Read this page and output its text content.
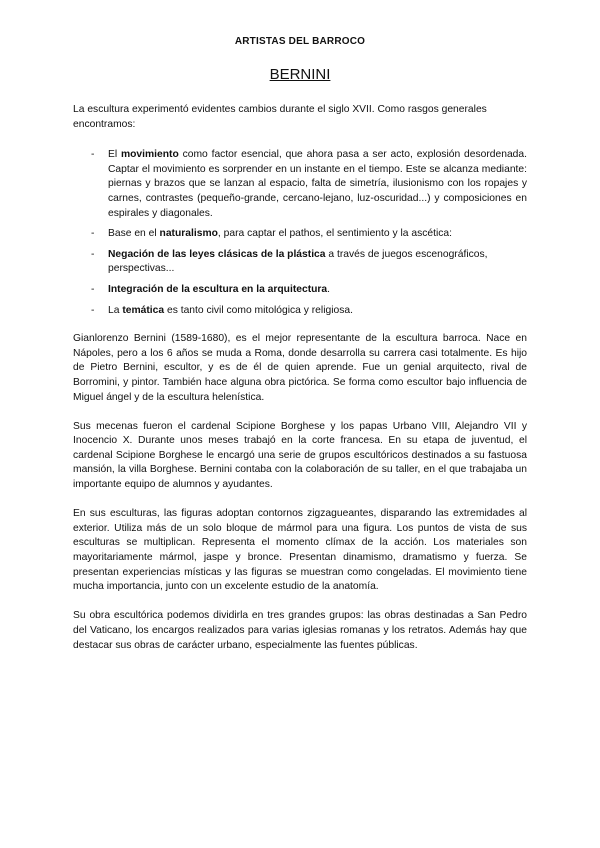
ARTISTAS DEL BARROCO
BERNINI

La escultura experimentó evidentes cambios durante el siglo XVII. Como rasgos generales encontramos:

- El movimiento como factor esencial, que ahora pasa a ser acto, explosión desordenada. Captar el movimiento es sorprender en un instante en el tiempo. Este se alcanza mediante: piernas y brazos que se lanzan al espacio, falta de simetría, ilusionismo con los ropajes y carnes, contrastes (pequeño-grande, cercano-lejano, luz-oscuridad...) y composiciones en espirales y diagonales.
- Base en el naturalismo, para captar el pathos, el sentimiento y la ascética:
- Negación de las leyes clásicas de la plástica a través de juegos escenográficos, perspectivas...
- Integración de la escultura en la arquitectura.
- La temática es tanto civil como mitológica y religiosa.

Gianlorenzo Bernini (1589-1680), es el mejor representante de la escultura barroca. Nace en Nápoles, pero a los 6 años se muda a Roma, donde desarrolla su carrera casi totalmente. Es hijo de Pietro Bernini, escultor, y es de él de quien aprende. Fue un genial arquitecto, rival de Borromini, y pintor. También hace alguna obra pictórica. Se forma como escultor bajo influencia de Miguel ángel y de la escultura helenística.

Sus mecenas fueron el cardenal Scipione Borghese y los papas Urbano VIII, Alejandro VII y Inocencio X. Durante unos meses trabajó en la corte francesa. En su etapa de juventud, el cardenal Scipione Borghese le encargó una serie de grupos escultóricos destinados a su fastuosa mansión, la villa Borghese. Bernini contaba con la colaboración de su taller, en el que trabajaba un importante equipo de alumnos y ayudantes.

En sus esculturas, las figuras adoptan contornos zigzagueantes, disparando las extremidades al exterior. Utiliza más de un solo bloque de mármol para una figura. Los puntos de vista de sus esculturas se multiplican. Representa el momento clímax de la acción. Los materiales son mayoritariamente mármol, jaspe y bronce. Presentan dinamismo, dramatismo y fuerza. Se presentan experiencias místicas y las figuras se muestran como congeladas. El movimiento tiene mucha importancia, junto con un excelente estudio de la anatomía.

Su obra escultórica podemos dividirla en tres grandes grupos: las obras destinadas a San Pedro del Vaticano, los encargos realizados para varias iglesias romanas y los retratos. Además hay que destacar sus obras de carácter urbano, especialmente las fuentes públicas.
